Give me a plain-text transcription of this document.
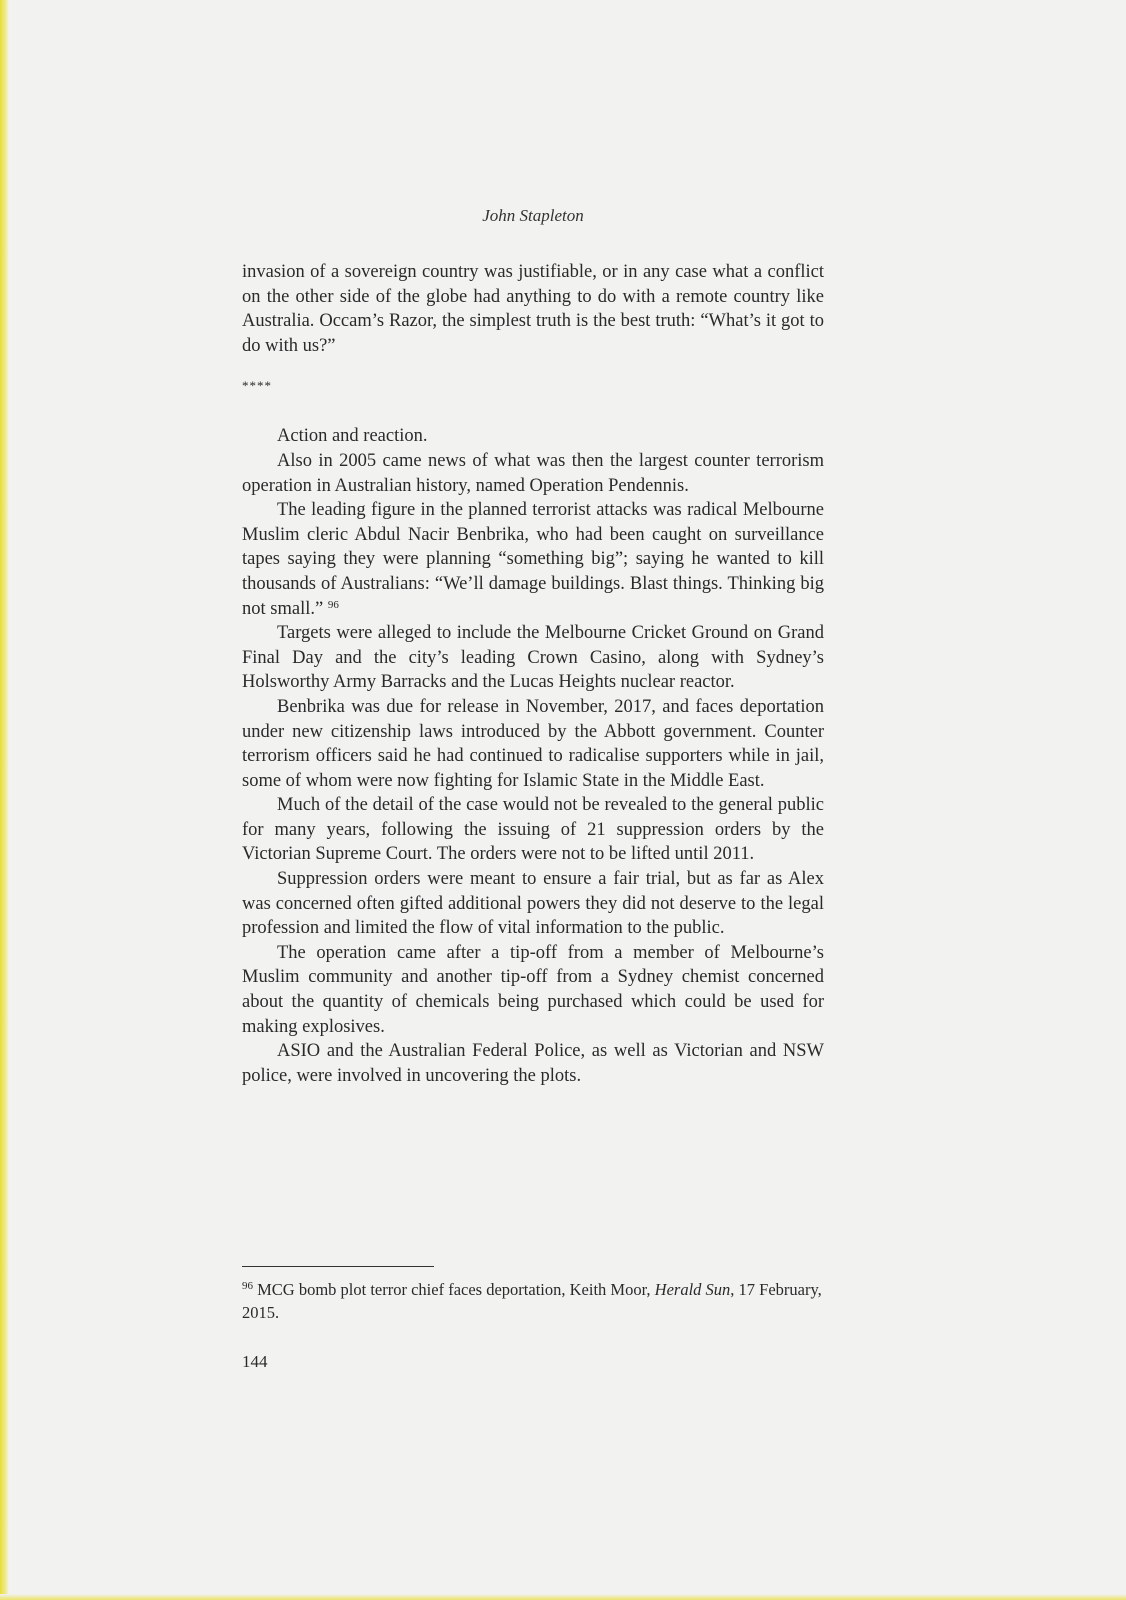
John Stapleton

invasion of a sovereign country was justifiable, or in any case what a conflict on the other side of the globe had anything to do with a remote country like Australia. Occam’s Razor, the simplest truth is the best truth: “What’s it got to do with us?”

****

Action and reaction.

Also in 2005 came news of what was then the largest counter terrorism operation in Australian history, named Operation Pendennis.

The leading figure in the planned terrorist attacks was radical Melbourne Muslim cleric Abdul Nacir Benbrika, who had been caught on surveillance tapes saying they were planning “something big”; saying he wanted to kill thousands of Australians: “We’ll damage buildings. Blast things. Thinking big not small.” $^{96}$

Targets were alleged to include the Melbourne Cricket Ground on Grand Final Day and the city’s leading Crown Casino, along with Sydney’s Holsworthy Army Barracks and the Lucas Heights nuclear reactor.

Benbrika was due for release in November, 2017, and faces deportation under new citizenship laws introduced by the Abbott government. Counter terrorism officers said he had continued to radicalise supporters while in jail, some of whom were now fighting for Islamic State in the Middle East.

Much of the detail of the case would not be revealed to the general public for many years, following the issuing of 21 suppression orders by the Victorian Supreme Court. The orders were not to be lifted until 2011.

Suppression orders were meant to ensure a fair trial, but as far as Alex was concerned often gifted additional powers they did not deserve to the legal profession and limited the flow of vital information to the public.

The operation came after a tip-off from a member of Melbourne’s Muslim community and another tip-off from a Sydney chemist concerned about the quantity of chemicals being purchased which could be used for making explosives.

ASIO and the Australian Federal Police, as well as Victorian and NSW police, were involved in uncovering the plots.

$^{96}$ MCG bomb plot terror chief faces deportation, Keith Moor, Herald Sun, 17 February, 2015.
144
